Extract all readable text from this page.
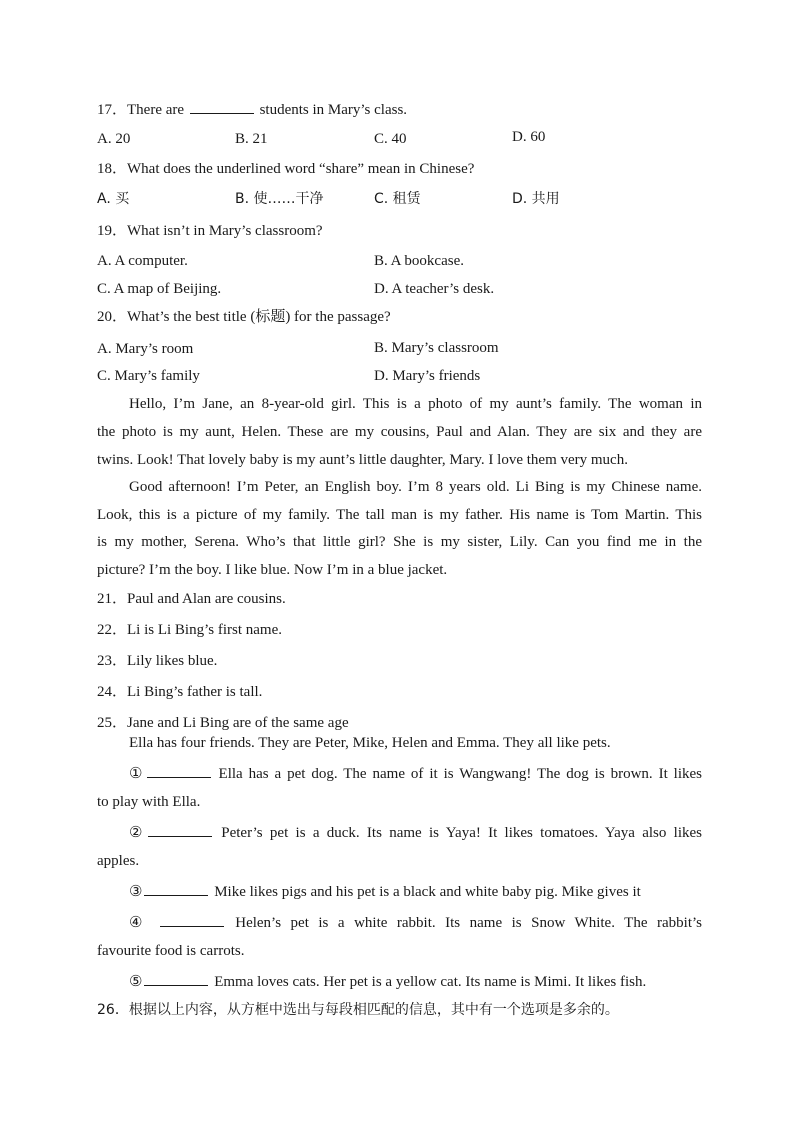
17．There are	students in Mary’s class.
A. 20	B. 21	C. 40	D. 60
18．What does the underlined word “share” mean in Chinese?
A. 买	B. 使……干净	C. 租赁	D. 共用
19．What isn’t in Mary’s classroom?
A. A computer.	B. A bookcase.
C. A map of Beijing.	D. A teacher’s desk.
20．What’s the best title (标题) for the passage?
A. Mary’s room	B. Mary’s classroom
C. Mary’s family	D. Mary’s friends
Hello, I’m Jane, an 8-year-old girl. This is a photo of my aunt’s family. The woman in
the photo is my aunt, Helen. These are my cousins, Paul and Alan. They are six and they are
twins. Look! That lovely baby is my aunt’s little daughter, Mary. I love them very much.
Good afternoon! I’m Peter, an English boy. I’m 8 years old. Li Bing is my Chinese name.
Look, this is a picture of my family. The tall man is my father. His name is Tom Martin. This
is my mother, Serena. Who’s that little girl? She is my sister, Lily. Can you find me in the
picture? I’m the boy. I like blue. Now I’m in a blue jacket.
21．Paul and Alan are cousins.
22．Li is Li Bing’s first name.
23．Lily likes blue.
24．Li Bing’s father is tall.
25．Jane and Li Bing are of the same age
Ella has four friends. They are Peter, Mike, Helen and Emma. They all like pets.
①	Ella has a pet dog. The name of it is Wangwang! The dog is brown. It likes
to play with Ella.
②	Peter’s pet is a duck. Its name is Yaya! It likes tomatoes. Yaya also likes
apples.
③	Mike likes pigs and his pet is a black and white baby pig. Mike gives it
④	Helen’s pet is a white rabbit. Its name is Snow White. The rabbit’s
favourite food is carrots.
⑤	Emma loves cats. Her pet is a yellow cat. Its name is Mimi. It likes fish.
26．根据以上内容，从方框中选出与每段相匹配的信息，其中有一个选项是多余的。
